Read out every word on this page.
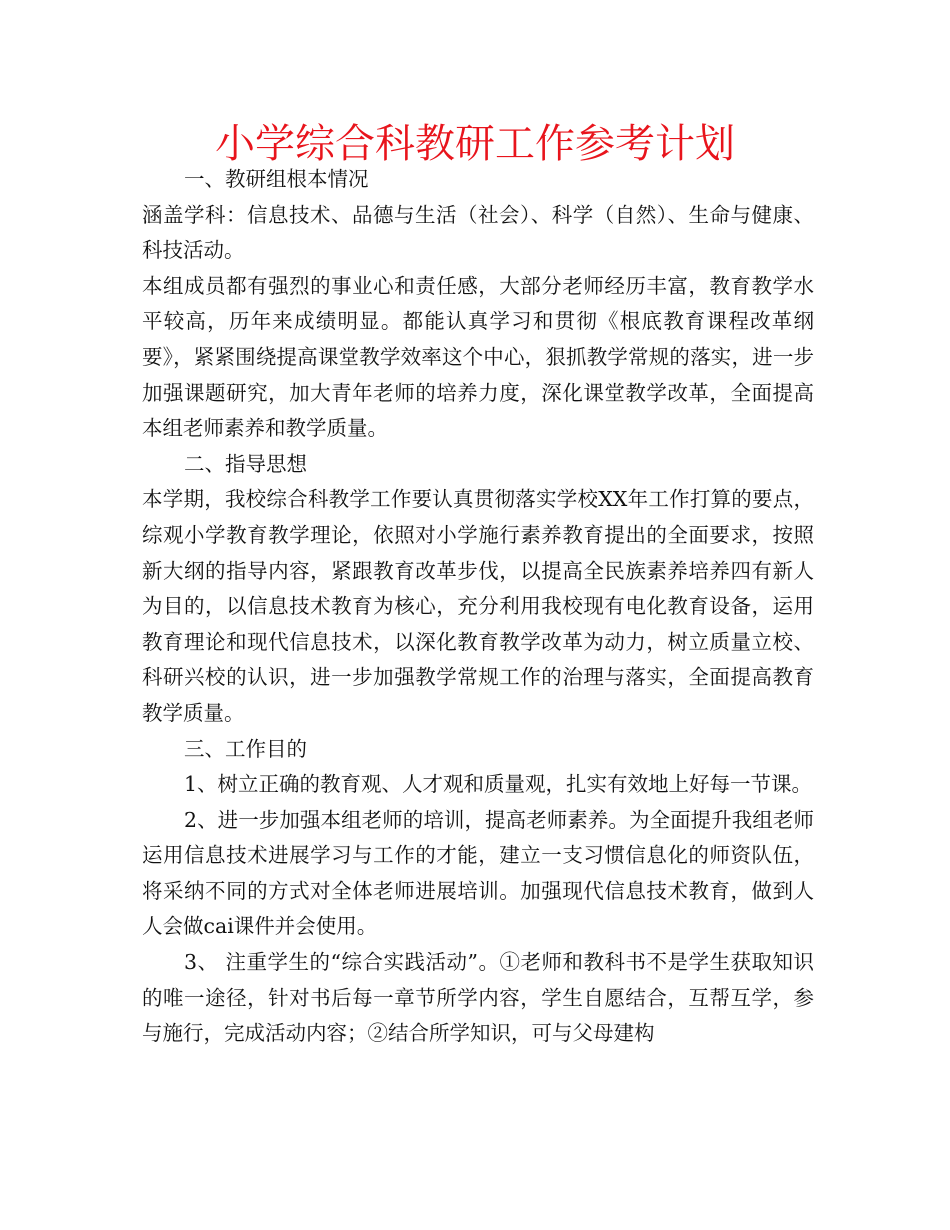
小学综合科教研工作参考计划

一、教研组根本情况

涵盖学科：信息技术、品德与生活（社会）、科学（自然）、生命与健康、科技活动。

本组成员都有强烈的事业心和责任感，大部分老师经历丰富，教育教学水平较高，历年来成绩明显。都能认真学习和贯彻《根底教育课程改革纲要》，紧紧围绕提高课堂教学效率这个中心，狠抓教学常规的落实，进一步加强课题研究，加大青年老师的培养力度，深化课堂教学改革，全面提高本组老师素养和教学质量。

二、指导思想

本学期，我校综合科教学工作要认真贯彻落实学校XX年工作打算的要点， 综观小学教育教学理论，依照对小学施行素养教育提出的全面要求，按照新大纲的指导内容，紧跟教育改革步伐，以提高全民族素养培养四有新人为目的，以信息技术教育为核心，充分利用我校现有电化教育设备，运用教育理论和现代信息技术，以深化教育教学改革为动力，树立质量立校、科研兴校的认识，进一步加强教学常规工作的治理与落实，全面提高教育教学质量。

三、工作目的

1、树立正确的教育观、人才观和质量观，扎实有效地上好每一节课。

2、进一步加强本组老师的培训，提高老师素养。为全面提升我组老师运用信息技术进展学习与工作的才能，建立一支习惯信息化的师资队伍，将采纳不同的方式对全体老师进展培训。加强现代信息技术教育，做到人人会做cai课件并会使用。

3、 注重学生的“综合实践活动”。①老师和教科书不是学生获取知识的唯一途径，针对书后每一章节所学内容，学生自愿结合，互帮互学，参与施行，完成活动内容；②结合所学知识，可与父母建构
